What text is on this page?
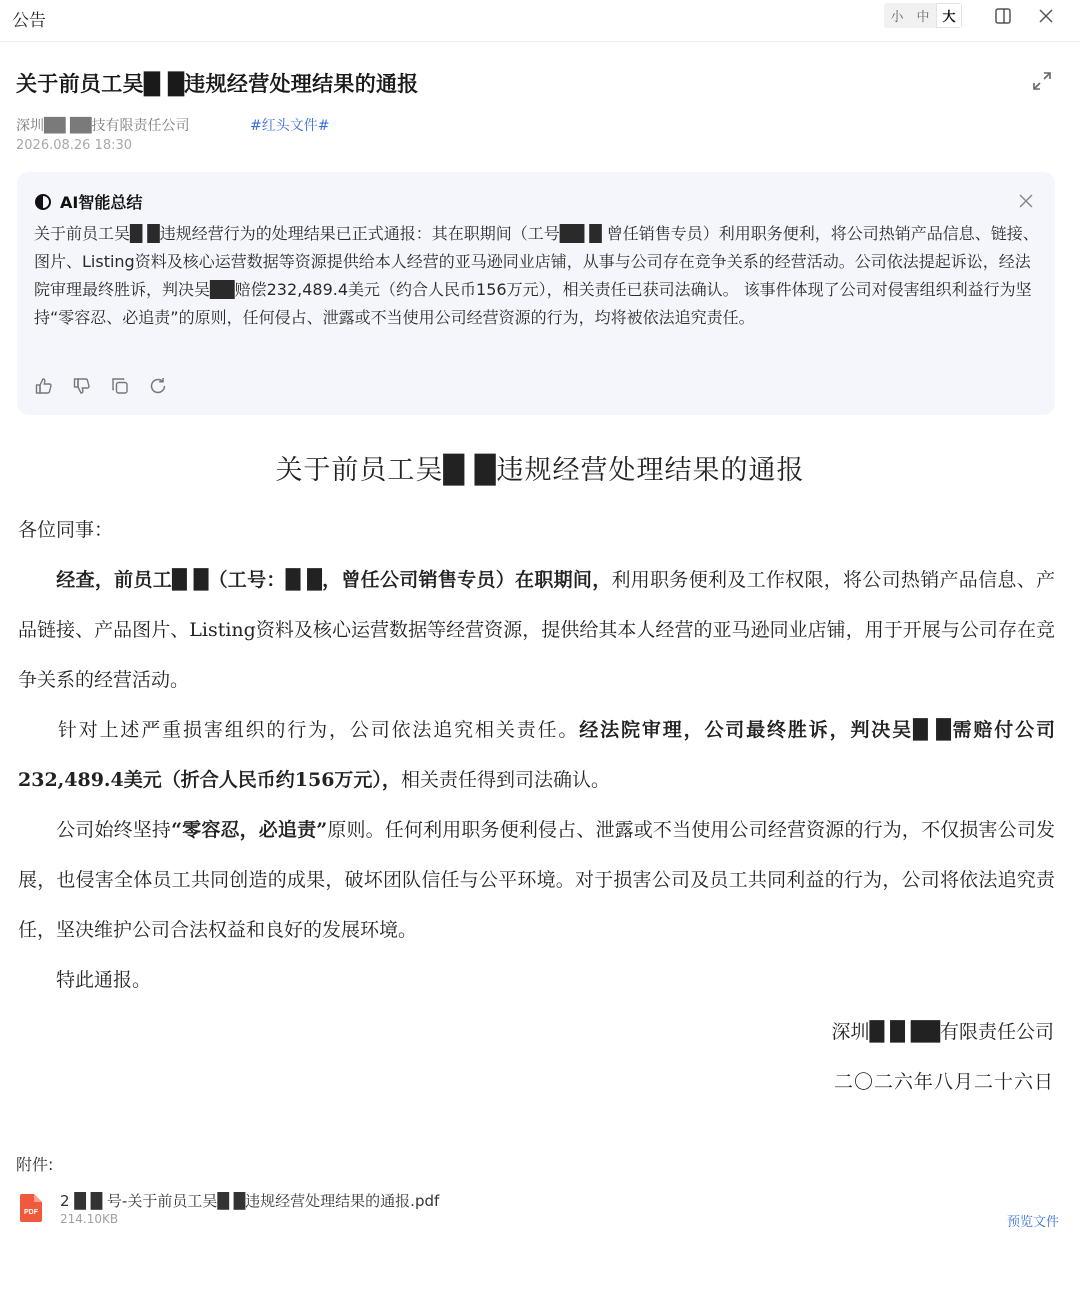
公告	小 中 大
关于前员工吴█ █违规经营处理结果的通报
深圳██ ██技有限责任公司	#红头文件#
2026.08.26 18:30
AI智能总结
关于前员工吴█ █违规经营行为的处理结果已正式通报：其在职期间（工号██ █ 曾任销售专员）利用职务便利，将公司热销产品信息、链接、图片、Listing资料及核心运营数据等资源提供给本人经营的亚马逊同业店铺，从事与公司存在竞争关系的经营活动。公司依法提起诉讼，经法院审理最终胜诉，判决吴██赔偿232,489.4美元（约合人民币156万元），相关责任已获司法确认。 该事件体现了公司对侵害组织利益行为坚持“零容忍、必追责”的原则，任何侵占、泄露或不当使用公司经营资源的行为，均将被依法追究责任。
关于前员工吴█ █违规经营处理结果的通报
各位同事：
经查，前员工█ █（工号：█ █，曾任公司销售专员）在职期间，利用职务便利及工作权限，将公司热销产品信息、产品链接、产品图片、Listing资料及核心运营数据等经营资源，提供给其本人经营的亚马逊同业店铺，用于开展与公司存在竞争关系的经营活动。
针对上述严重损害组织的行为，公司依法追究相关责任。经法院审理，公司最终胜诉，判决吴█ █需赔付公司232,489.4美元（折合人民币约156万元），相关责任得到司法确认。
公司始终坚持“零容忍，必追责”原则。任何利用职务便利侵占、泄露或不当使用公司经营资源的行为，不仅损害公司发展，也侵害全体员工共同创造的成果，破坏团队信任与公平环境。对于损害公司及员工共同利益的行为，公司将依法追究责任，坚决维护公司合法权益和良好的发展环境。
特此通报。
深圳█ █ ██有限责任公司
二〇二六年八月二十六日
附件:
PDF
2 █ █ 号-关于前员工吴█ █违规经营处理结果的通报.pdf
214.10KB	预览文件
